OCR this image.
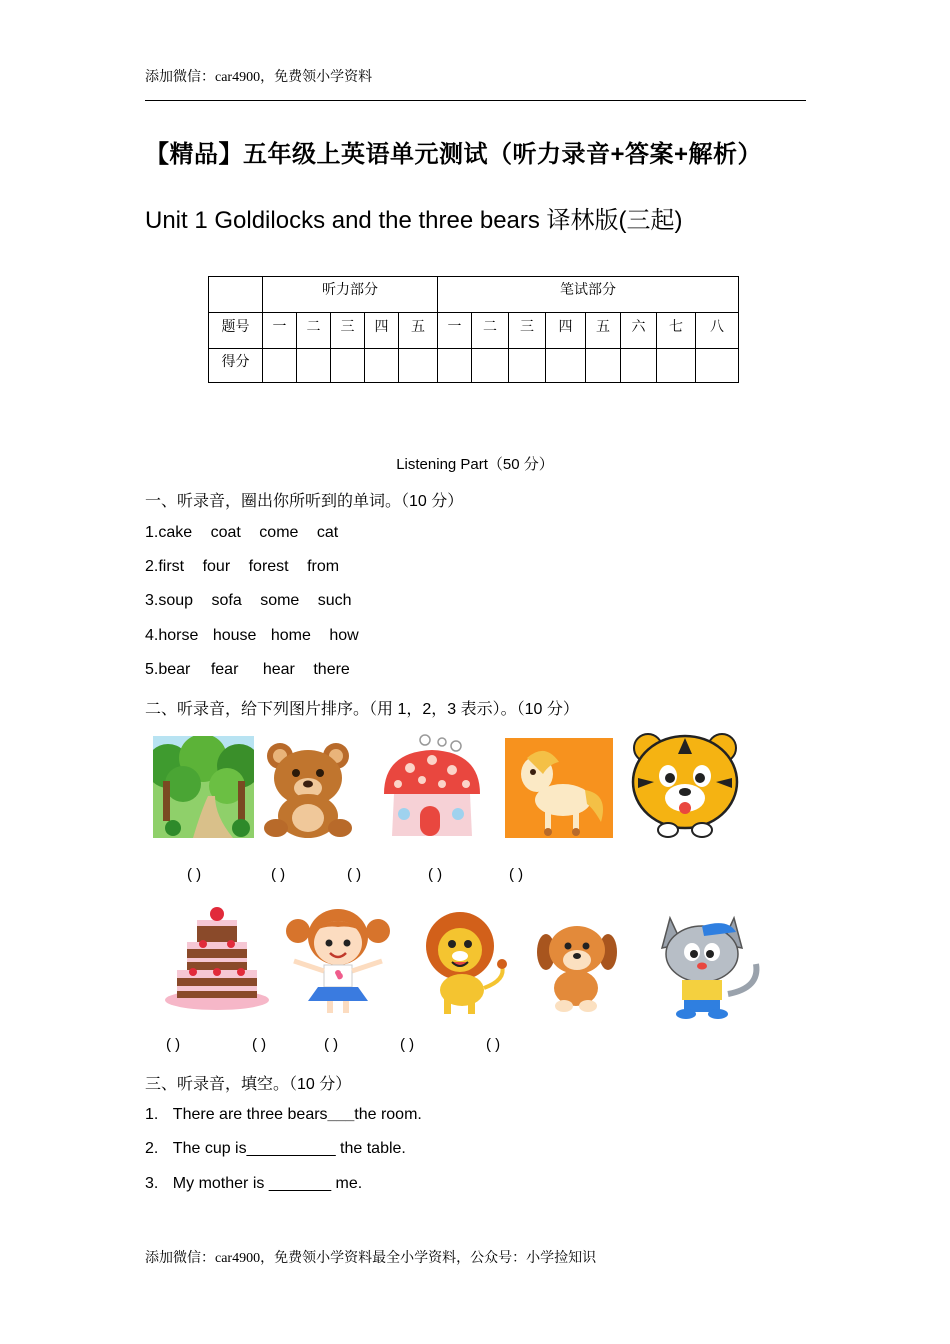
添加微信：car4900，免费领小学资料
【精品】五年级上英语单元测试（听力录音+答案+解析）
Unit 1 Goldilocks and the three bears 译林版(三起)
	听力部分					笔试部分							
题号	一	二	三	四	五	一	二	三	四	五	六	七	八
得分													
Listening Part（50 分）
一、听录音，圈出你所听到的单词。（10 分）
1.cake coat come cat
2.first four forest from
3.soup sofa some such
4.horse house home how
5.bear fear hear there
二、听录音，给下列图片排序。（用 1，2，3 表示）。（10 分）
( )	( )	( )	( )	( )
( )	( )	( )	( )	( )
三、听录音，填空。（10 分）
1. There are three bears___the room.
2. The cup is__________ the table.
3. My mother is _______ me.
添加微信：car4900，免费领小学资料最全小学资料，公众号：小学捡知识
